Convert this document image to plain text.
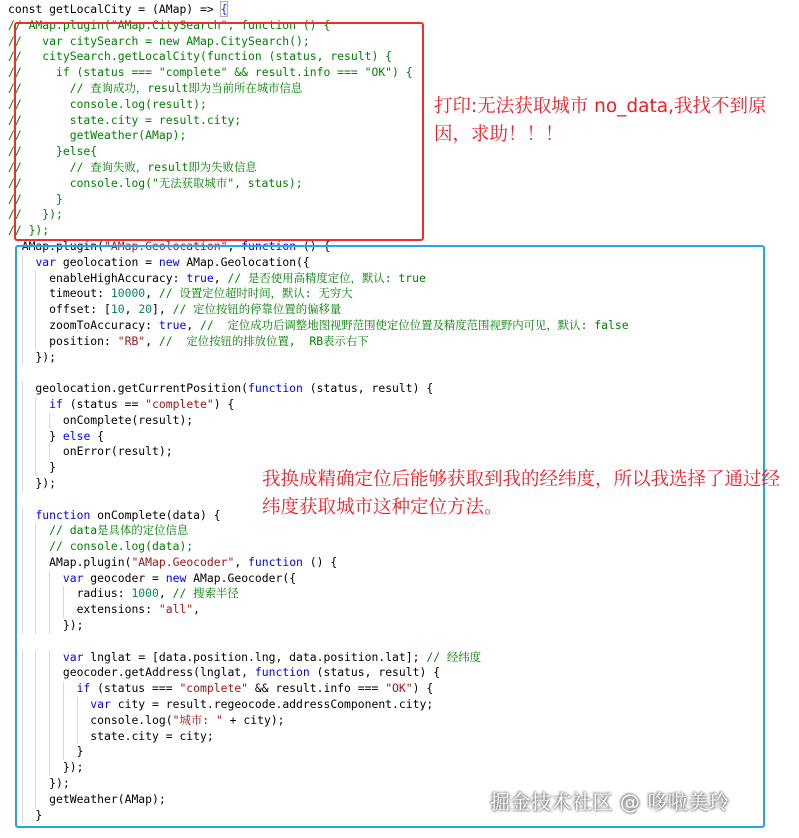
const getLocalCity = (AMap) => {
// AMap.plugin("AMap.CitySearch", function () {
//   var citySearch = new AMap.CitySearch();
//   citySearch.getLocalCity(function (status, result) {
//     if (status === "complete" && result.info === "OK") {
//       // 查询成功，result即为当前所在城市信息
//       console.log(result);
//       state.city = result.city;
//       getWeather(AMap);
//     }else{
//       // 查询失败，result即为失败信息
//       console.log("无法获取城市", status);
//     }
//   });
// });
AMap.plugin("AMap.Geolocation", function () {
var geolocation = new AMap.Geolocation({
enableHighAccuracy: true, // 是否使用高精度定位，默认: true
timeout: 10000, // 设置定位超时时间，默认: 无穷大
offset: [10, 20], // 定位按钮的停靠位置的偏移量
zoomToAccuracy: true, //  定位成功后调整地图视野范围使定位位置及精度范围视野内可见，默认: false
position: "RB", //  定位按钮的排放位置,  RB表示右下
});
geolocation.getCurrentPosition(function (status, result) {
if (status == "complete") {
onComplete(result);
} else {
onError(result);
}
});
function onComplete(data) {
// data是具体的定位信息
// console.log(data);
AMap.plugin("AMap.Geocoder", function () {
var geocoder = new AMap.Geocoder({
radius: 1000, // 搜索半径
extensions: "all",
});
var lnglat = [data.position.lng, data.position.lat]; // 经纬度
geocoder.getAddress(lnglat, function (status, result) {
if (status === "complete" && result.info === "OK") {
var city = result.regeocode.addressComponent.city;
console.log("城市: " + city);
state.city = city;
}
});
});
getWeather(AMap);
}
打印:无法获取城市 no_data,我找不到原因，求助！！！
我换成精确定位后能够获取到我的经纬度，所以我选择了通过经纬度获取城市这种定位方法。
掘金技术社区 @ 哆啦美玲
